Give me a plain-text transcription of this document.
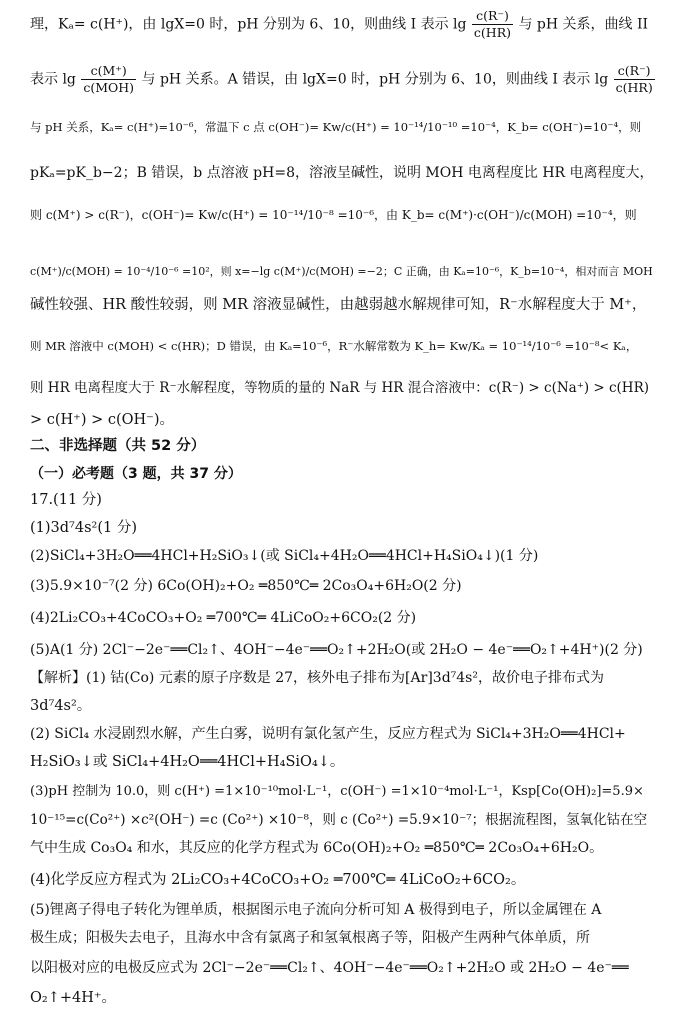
理，Kₐ= c(H⁺)，由 lgX=0 时，pH 分别为 6、10，则曲线 I 表示 $\lg \frac{c(R^-)}{c(HR)}$ 与 pH 关系，曲线 II
表示 $\lg \frac{c(M^+)}{\text{c(MOH)}}$ 与 pH 关系。A 错误，由 lgX=0 时，pH 分别为 6、10，则曲线 I 表示 $\lg \frac{c(R^-)}{c(HR)}$
与 pH 关系，Kₐ= c(H⁺)=10⁻⁶，常温下 c 点 c(OH⁻)= Kw/c(H⁺) = 10⁻¹⁴/10⁻¹⁰ =10⁻⁴，K_b= c(OH⁻)=10⁻⁴，则
pKₐ=pK_b−2；B 错误，b 点溶液 pH=8，溶液呈碱性，说明 MOH 电离程度比 HR 电离程度大，
则 c(M⁺) > c(R⁻)，c(OH⁻)= Kw/c(H⁺) = 10⁻¹⁴/10⁻⁸ =10⁻⁶，由 K_b= c(M⁺)·c(OH⁻)/c(MOH) =10⁻⁴，则
c(M⁺)/c(MOH) = 10⁻⁴/10⁻⁶ =10²，则 x=−lg c(M⁺)/c(MOH) =−2；C 正确，由 Kₐ=10⁻⁶，K_b=10⁻⁴，相对而言 MOH
碱性较强、HR 酸性较弱，则 MR 溶液显碱性，由越弱越水解规律可知，R⁻水解程度大于 M⁺，
则 MR 溶液中 c(MOH) < c(HR)；D 错误，由 Kₐ=10⁻⁶，R⁻水解常数为 K_h= Kw/Kₐ = 10⁻¹⁴/10⁻⁶ =10⁻⁸< Kₐ，
则 HR 电离程度大于 R⁻水解程度，等物质的量的 NaR 与 HR 混合溶液中：c(R⁻) > c(Na⁺) > c(HR)
> c(H⁺) > c(OH⁻)。
二、非选择题（共 52 分）
（一）必考题（3 题，共 37 分）
17.(11 分)
(1)3d⁷4s²(1 分)
(2)SiCl₄+3H₂O══4HCl+H₂SiO₃↓(或 SiCl₄+4H₂O══4HCl+H₄SiO₄↓)(1 分)
(3)5.9×10⁻⁷(2 分) 6Co(OH)₂+O₂ ═850℃═ 2Co₃O₄+6H₂O(2 分)
(4)2Li₂CO₃+4CoCO₃+O₂ ═700℃═ 4LiCoO₂+6CO₂(2 分)
(5)A(1 分) 2Cl⁻−2e⁻══Cl₂↑、4OH⁻−4e⁻══O₂↑+2H₂O(或 2H₂O − 4e⁻══O₂↑+4H⁺)(2 分)
【解析】(1) 钴(Co) 元素的原子序数是 27，核外电子排布为[Ar]3d⁷4s²，故价电子排布式为
3d⁷4s²。
(2) SiCl₄ 水浸剧烈水解，产生白雾，说明有氯化氢产生，反应方程式为 SiCl₄+3H₂O══4HCl+
H₂SiO₃↓或 SiCl₄+4H₂O══4HCl+H₄SiO₄↓。
(3)pH 控制为 10.0，则 c(H⁺) =1×10⁻¹⁰mol·L⁻¹，c(OH⁻) =1×10⁻⁴mol·L⁻¹，Ksp[Co(OH)₂]=5.9×
10⁻¹⁵=c(Co²⁺) ×c²(OH⁻) =c (Co²⁺) ×10⁻⁸，则 c (Co²⁺) =5.9×10⁻⁷；根据流程图，氢氧化钴在空
气中生成 Co₃O₄ 和水，其反应的化学方程式为 6Co(OH)₂+O₂ ═850℃═ 2Co₃O₄+6H₂O。
(4)化学反应方程式为 2Li₂CO₃+4CoCO₃+O₂ ═700℃═ 4LiCoO₂+6CO₂。
(5)锂离子得电子转化为锂单质，根据图示电子流向分析可知 A 极得到电子，所以金属锂在 A
极生成；阳极失去电子，且海水中含有氯离子和氢氧根离子等，阳极产生两种气体单质，所
以阳极对应的电极反应式为 2Cl⁻−2e⁻══Cl₂↑、4OH⁻−4e⁻══O₂↑+2H₂O 或 2H₂O − 4e⁻══
O₂↑+4H⁺。
